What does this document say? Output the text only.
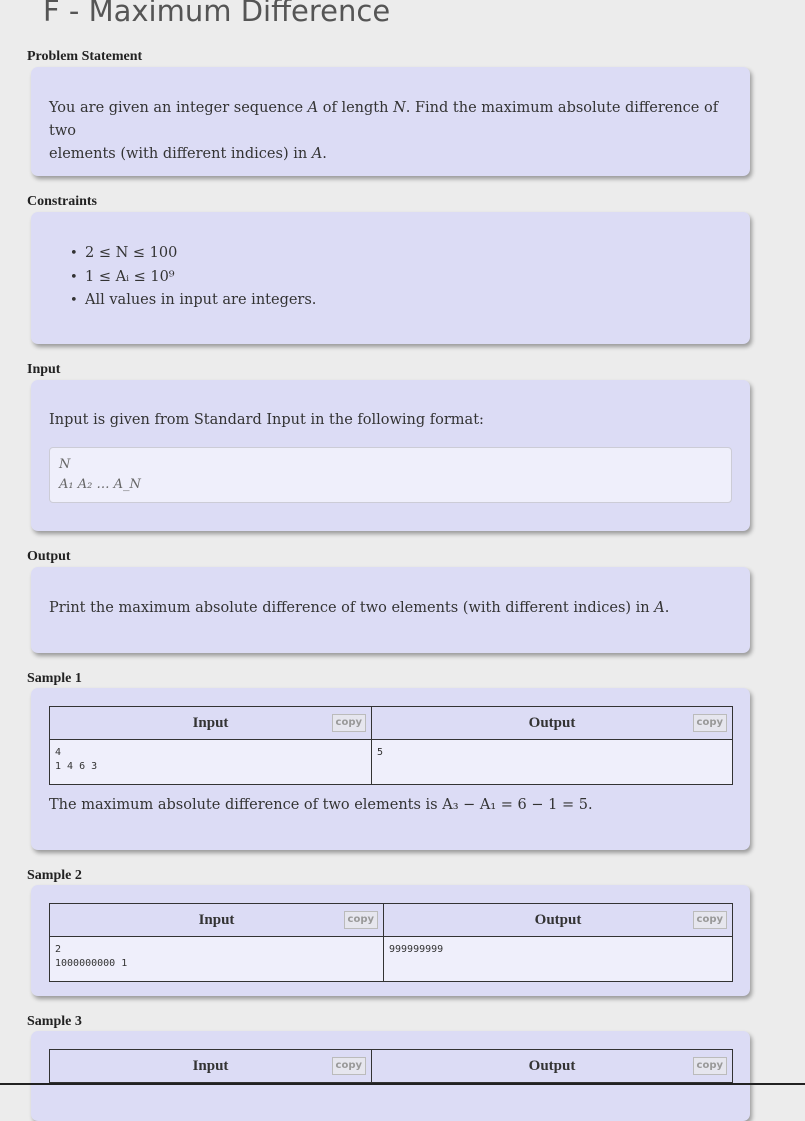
F - Maximum Difference
Problem Statement
You are given an integer sequence A of length N. Find the maximum absolute difference of two
elements (with different indices) in A.
Constraints
• 2 ≤ N ≤ 100
• 1 ≤ Aᵢ ≤ 10⁹
• All values in input are integers.
Input
Input is given from Standard Input in the following format:
N
A₁ A₂ … A_N
Output
Print the maximum absolute difference of two elements (with different indices) in A.
Sample 1
Input copy	Output copy

4
1 4 6 3	5
The maximum absolute difference of two elements is A₃ − A₁ = 6 − 1 = 5.
Sample 2
Input copy	Output copy

2
1000000000 1	999999999
Sample 3
Input	copy	Output	copy
